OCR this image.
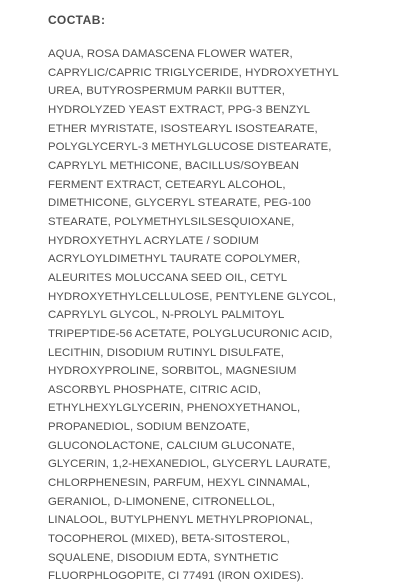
СОСТАВ:
AQUA, ROSA DAMASCENA FLOWER WATER,
CAPRYLIC/CAPRIC TRIGLYCERIDE, HYDROXYETHYL
UREA, BUTYROSPERMUM PARKII BUTTER,
HYDROLYZED YEAST EXTRACT, PPG-3 BENZYL
ETHER MYRISTATE, ISOSTEARYL ISOSTEARATE,
POLYGLYCERYL-3 METHYLGLUCOSE DISTEARATE,
CAPRYLYL METHICONE, BACILLUS/SOYBEAN
FERMENT EXTRACT, CETEARYL ALCOHOL,
DIMETHICONE, GLYCERYL STEARATE, PEG-100
STEARATE, POLYMETHYLSILSESQUIOXANE,
HYDROXYETHYL ACRYLATE / SODIUM
ACRYLOYLDIMETHYL TAURATE COPOLYMER,
ALEURITES MOLUCCANA SEED OIL, CETYL
HYDROXYETHYLCELLULOSE, PENTYLENE GLYCOL,
CAPRYLYL GLYCOL, N-PROLYL PALMITOYL
TRIPEPTIDE-56 ACETATE, POLYGLUCURONIC ACID,
LECITHIN, DISODIUM RUTINYL DISULFATE,
HYDROXYPROLINE, SORBITOL, MAGNESIUM
ASCORBYL PHOSPHATE, CITRIC ACID,
ETHYLHEXYLGLYCERIN, PHENOXYETHANOL,
PROPANEDIOL, SODIUM BENZOATE,
GLUCONOLACTONE, CALCIUM GLUCONATE,
GLYCERIN, 1,2-HEXANEDIOL, GLYCERYL LAURATE,
CHLORPHENESIN, PARFUM, HEXYL CINNAMAL,
GERANIOL, D-LIMONENE, CITRONELLOL,
LINALOOL, BUTYLPHENYL METHYLPROPIONAL,
TOCOPHEROL (MIXED), BETA-SITOSTEROL,
SQUALENE, DISODIUM EDTA, SYNTHETIC
FLUORPHLOGOPITE, CI 77491 (IRON OXIDES).
